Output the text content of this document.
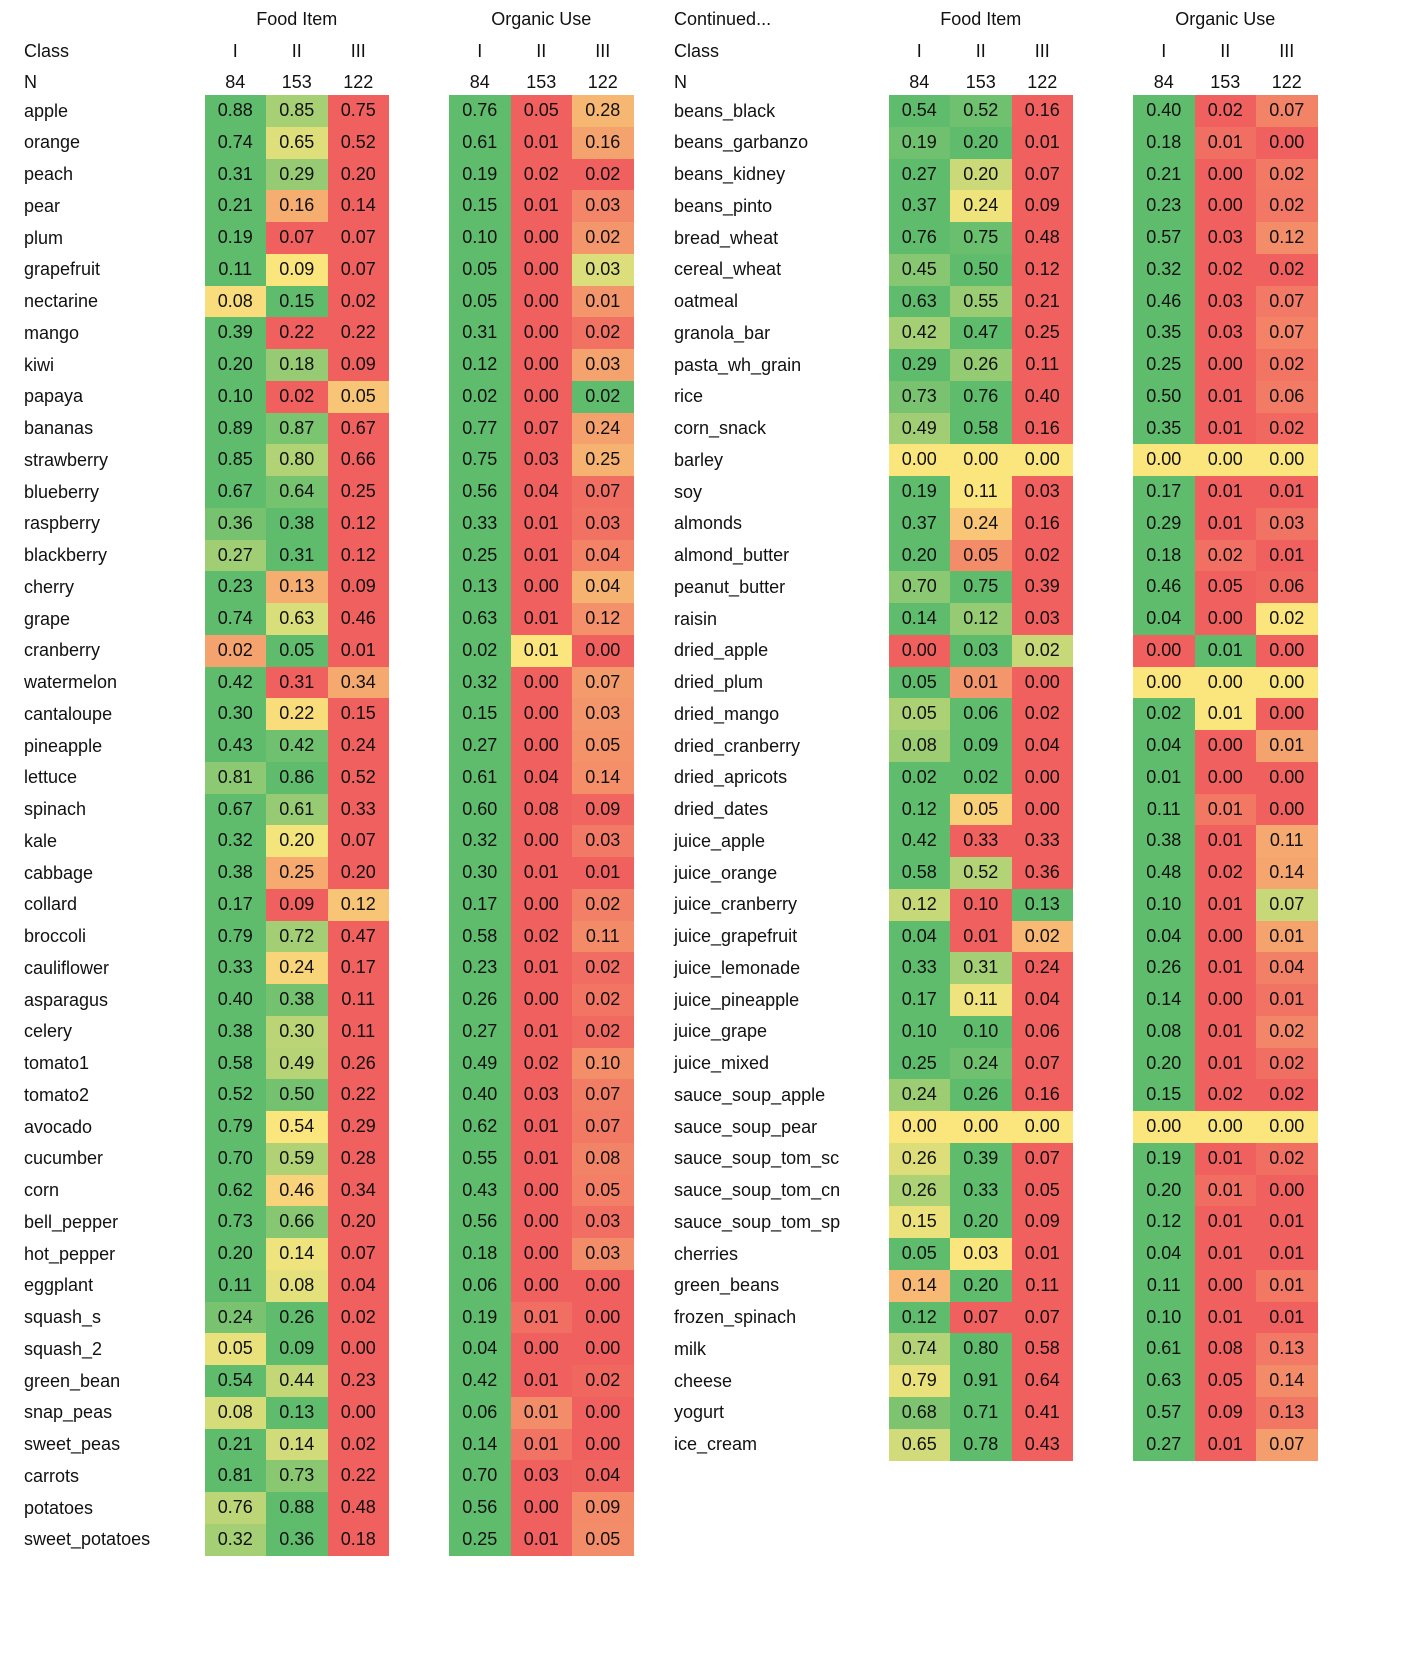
Class
N
Food Item
I	II	III
84	153	122
Organic Use
I	II	III
84	153	122
apple	0.88	0.85	0.75	0.76	0.05	0.28
orange	0.74	0.65	0.52	0.61	0.01	0.16
peach	0.31	0.29	0.20	0.19	0.02	0.02
pear	0.21	0.16	0.14	0.15	0.01	0.03
plum	0.19	0.07	0.07	0.10	0.00	0.02
grapefruit	0.11	0.09	0.07	0.05	0.00	0.03
nectarine	0.08	0.15	0.02	0.05	0.00	0.01
mango	0.39	0.22	0.22	0.31	0.00	0.02
kiwi	0.20	0.18	0.09	0.12	0.00	0.03
papaya	0.10	0.02	0.05	0.02	0.00	0.02
bananas	0.89	0.87	0.67	0.77	0.07	0.24
strawberry	0.85	0.80	0.66	0.75	0.03	0.25
blueberry	0.67	0.64	0.25	0.56	0.04	0.07
raspberry	0.36	0.38	0.12	0.33	0.01	0.03
blackberry	0.27	0.31	0.12	0.25	0.01	0.04
cherry	0.23	0.13	0.09	0.13	0.00	0.04
grape	0.74	0.63	0.46	0.63	0.01	0.12
cranberry	0.02	0.05	0.01	0.02	0.01	0.00
watermelon	0.42	0.31	0.34	0.32	0.00	0.07
cantaloupe	0.30	0.22	0.15	0.15	0.00	0.03
pineapple	0.43	0.42	0.24	0.27	0.00	0.05
lettuce	0.81	0.86	0.52	0.61	0.04	0.14
spinach	0.67	0.61	0.33	0.60	0.08	0.09
kale	0.32	0.20	0.07	0.32	0.00	0.03
cabbage	0.38	0.25	0.20	0.30	0.01	0.01
collard	0.17	0.09	0.12	0.17	0.00	0.02
broccoli	0.79	0.72	0.47	0.58	0.02	0.11
cauliflower	0.33	0.24	0.17	0.23	0.01	0.02
asparagus	0.40	0.38	0.11	0.26	0.00	0.02
celery	0.38	0.30	0.11	0.27	0.01	0.02
tomato1	0.58	0.49	0.26	0.49	0.02	0.10
tomato2	0.52	0.50	0.22	0.40	0.03	0.07
avocado	0.79	0.54	0.29	0.62	0.01	0.07
cucumber	0.70	0.59	0.28	0.55	0.01	0.08
corn	0.62	0.46	0.34	0.43	0.00	0.05
bell_pepper	0.73	0.66	0.20	0.56	0.00	0.03
hot_pepper	0.20	0.14	0.07	0.18	0.00	0.03
eggplant	0.11	0.08	0.04	0.06	0.00	0.00
squash_s	0.24	0.26	0.02	0.19	0.01	0.00
squash_2	0.05	0.09	0.00	0.04	0.00	0.00
green_bean	0.54	0.44	0.23	0.42	0.01	0.02
snap_peas	0.08	0.13	0.00	0.06	0.01	0.00
sweet_peas	0.21	0.14	0.02	0.14	0.01	0.00
carrots	0.81	0.73	0.22	0.70	0.03	0.04
potatoes	0.76	0.88	0.48	0.56	0.00	0.09
sweet_potatoes	0.32	0.36	0.18	0.25	0.01	0.05
Continued...
Class
N
Food Item
I	II	III
84	153	122
Organic Use
I	II	III
84	153	122
beans_black	0.54	0.52	0.16	0.40	0.02	0.07
beans_garbanzo	0.19	0.20	0.01	0.18	0.01	0.00
beans_kidney	0.27	0.20	0.07	0.21	0.00	0.02
beans_pinto	0.37	0.24	0.09	0.23	0.00	0.02
bread_wheat	0.76	0.75	0.48	0.57	0.03	0.12
cereal_wheat	0.45	0.50	0.12	0.32	0.02	0.02
oatmeal	0.63	0.55	0.21	0.46	0.03	0.07
granola_bar	0.42	0.47	0.25	0.35	0.03	0.07
pasta_wh_grain	0.29	0.26	0.11	0.25	0.00	0.02
rice	0.73	0.76	0.40	0.50	0.01	0.06
corn_snack	0.49	0.58	0.16	0.35	0.01	0.02
barley	0.00	0.00	0.00	0.00	0.00	0.00
soy	0.19	0.11	0.03	0.17	0.01	0.01
almonds	0.37	0.24	0.16	0.29	0.01	0.03
almond_butter	0.20	0.05	0.02	0.18	0.02	0.01
peanut_butter	0.70	0.75	0.39	0.46	0.05	0.06
raisin	0.14	0.12	0.03	0.04	0.00	0.02
dried_apple	0.00	0.03	0.02	0.00	0.01	0.00
dried_plum	0.05	0.01	0.00	0.00	0.00	0.00
dried_mango	0.05	0.06	0.02	0.02	0.01	0.00
dried_cranberry	0.08	0.09	0.04	0.04	0.00	0.01
dried_apricots	0.02	0.02	0.00	0.01	0.00	0.00
dried_dates	0.12	0.05	0.00	0.11	0.01	0.00
juice_apple	0.42	0.33	0.33	0.38	0.01	0.11
juice_orange	0.58	0.52	0.36	0.48	0.02	0.14
juice_cranberry	0.12	0.10	0.13	0.10	0.01	0.07
juice_grapefruit	0.04	0.01	0.02	0.04	0.00	0.01
juice_lemonade	0.33	0.31	0.24	0.26	0.01	0.04
juice_pineapple	0.17	0.11	0.04	0.14	0.00	0.01
juice_grape	0.10	0.10	0.06	0.08	0.01	0.02
juice_mixed	0.25	0.24	0.07	0.20	0.01	0.02
sauce_soup_apple	0.24	0.26	0.16	0.15	0.02	0.02
sauce_soup_pear	0.00	0.00	0.00	0.00	0.00	0.00
sauce_soup_tom_sc	0.26	0.39	0.07	0.19	0.01	0.02
sauce_soup_tom_cn	0.26	0.33	0.05	0.20	0.01	0.00
sauce_soup_tom_sp	0.15	0.20	0.09	0.12	0.01	0.01
cherries	0.05	0.03	0.01	0.04	0.01	0.01
green_beans	0.14	0.20	0.11	0.11	0.00	0.01
frozen_spinach	0.12	0.07	0.07	0.10	0.01	0.01
milk	0.74	0.80	0.58	0.61	0.08	0.13
cheese	0.79	0.91	0.64	0.63	0.05	0.14
yogurt	0.68	0.71	0.41	0.57	0.09	0.13
ice_cream	0.65	0.78	0.43	0.27	0.01	0.07
